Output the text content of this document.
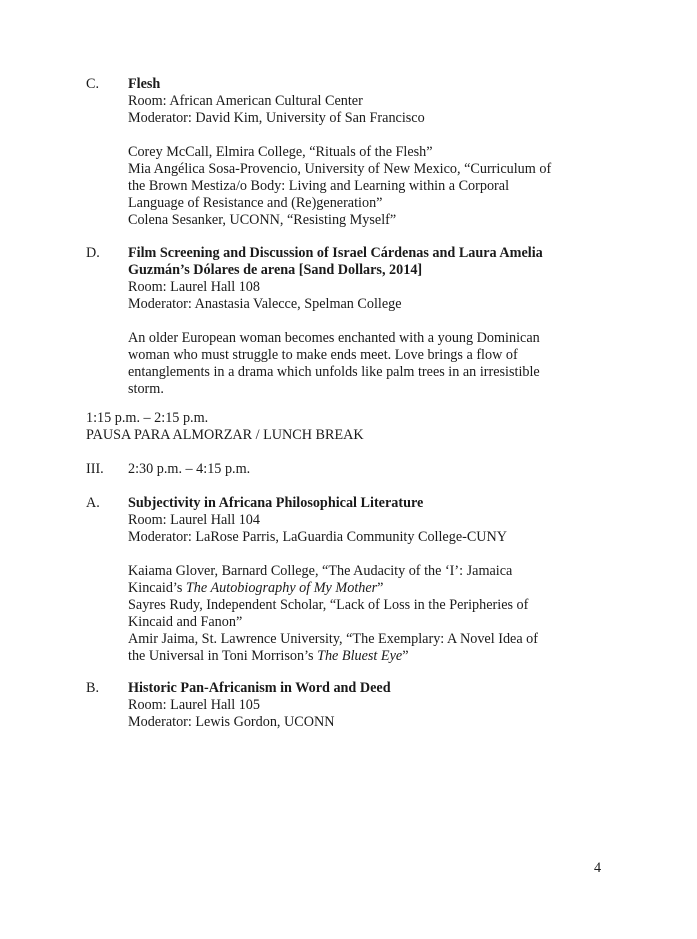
C. Flesh
Room: African American Cultural Center
Moderator: David Kim, University of San Francisco
Corey McCall, Elmira College, “Rituals of the Flesh”
Mia Angélica Sosa-Provencio, University of New Mexico, “Curriculum of
the Brown Mestiza/o Body: Living and Learning within a Corporal
Language of Resistance and (Re)generation”
Colena Sesanker, UCONN, “Resisting Myself”
D. Film Screening and Discussion of Israel Cárdenas and Laura Amelia
Guzmán’s Dólares de arena [Sand Dollars, 2014]
Room: Laurel Hall 108
Moderator: Anastasia Valecce, Spelman College
An older European woman becomes enchanted with a young Dominican
woman who must struggle to make ends meet. Love brings a flow of
entanglements in a drama which unfolds like palm trees in an irresistible
storm.
1:15 p.m. – 2:15 p.m.
PAUSA PARA ALMORZAR / LUNCH BREAK
III. 2:30 p.m. – 4:15 p.m.
A. Subjectivity in Africana Philosophical Literature
Room: Laurel Hall 104
Moderator: LaRose Parris, LaGuardia Community College-CUNY
Kaiama Glover, Barnard College, “The Audacity of the ‘I’: Jamaica
Kincaid’s The Autobiography of My Mother”
Sayres Rudy, Independent Scholar, “Lack of Loss in the Peripheries of
Kincaid and Fanon”
Amir Jaima, St. Lawrence University, “The Exemplary: A Novel Idea of
the Universal in Toni Morrison’s The Bluest Eye”
B. Historic Pan-Africanism in Word and Deed
Room: Laurel Hall 105
Moderator: Lewis Gordon, UCONN
4
